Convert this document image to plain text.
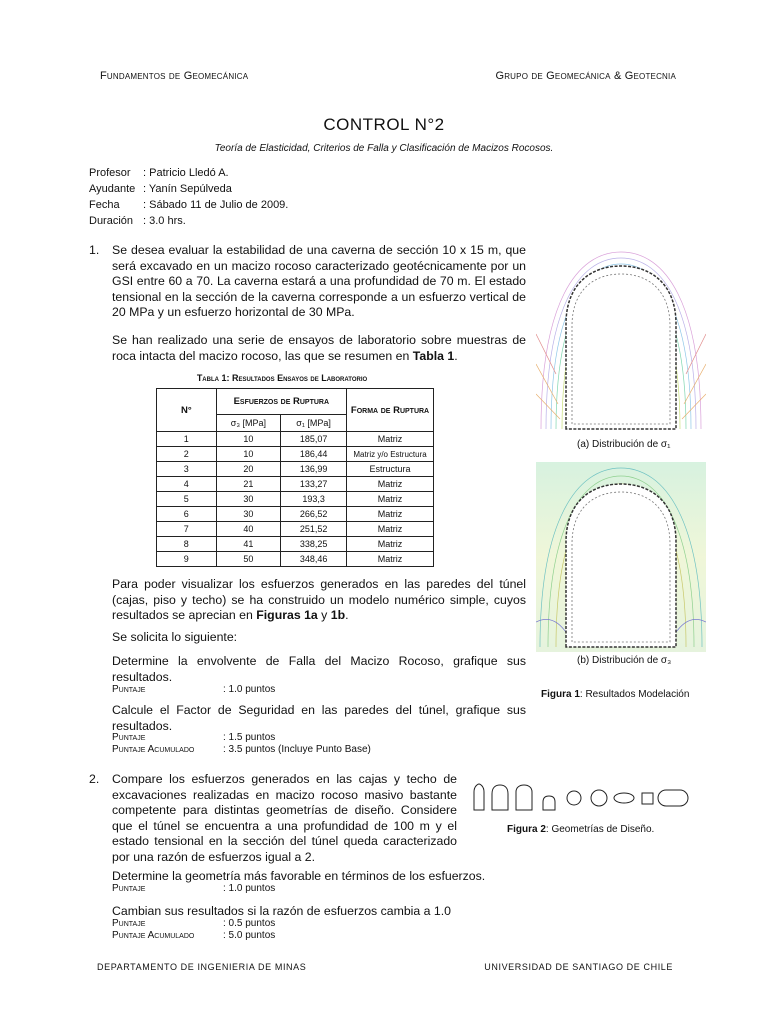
Fundamentos de Geomecánica	Grupo de Geomecánica & Geotecnia
CONTROL N°2
Teoría de Elasticidad, Criterios de Falla y Clasificación de Macizos Rocosos.
Profesor : Patricio Lledó A.
Ayudante : Yanín Sepúlveda
Fecha : Sábado 11 de Julio de 2009.
Duración : 3.0 hrs.
1. Se desea evaluar la estabilidad de una caverna de sección 10 x 15 m, que será excavado en un macizo rocoso caracterizado geotécnicamente por un GSI entre 60 a 70. La caverna estará a una profundidad de 70 m. El estado tensional en la sección de la caverna corresponde a un esfuerzo vertical de 20 MPa y un esfuerzo horizontal de 30 MPa.
Se han realizado una serie de ensayos de laboratorio sobre muestras de roca intacta del macizo rocoso, las que se resumen en Tabla 1.
Tabla 1: Resultados Ensayos de Laboratorio
N°	Esfuerzos de Ruptura		Forma de Ruptura
	σ₃ [MPa]	σ₁ [MPa]	
1	10	185,07	Matriz
2	10	186,44	Matriz y/o Estructura
3	20	136,99	Estructura
4	21	133,27	Matriz
5	30	193,3	Matriz
6	30	266,52	Matriz
7	40	251,52	Matriz
8	41	338,25	Matriz
9	50	348,46	Matriz
Para poder visualizar los esfuerzos generados en las paredes del túnel (cajas, piso y techo) se ha construido un modelo numérico simple, cuyos resultados se aprecian en Figuras 1a y 1b.
Se solicita lo siguiente:
Determine la envolvente de Falla del Macizo Rocoso, grafique sus resultados.
Puntaje	: 1.0 puntos
Calcule el Factor de Seguridad en las paredes del túnel, grafique sus resultados.
Puntaje	: 1.5 puntos
Puntaje Acumulado	: 3.5 puntos (Incluye Punto Base)
(a) Distribución de σ₁
(b) Distribución de σ₃
Figura 1: Resultados Modelación
2. Compare los esfuerzos generados en las cajas y techo de excavaciones realizadas en macizo rocoso masivo bastante competente para distintas geometrías de diseño. Considere que el túnel se encuentra a una profundidad de 100 m y el estado tensional en la sección del túnel queda caracterizado por una razón de esfuerzos igual a 2.
Figura 2: Geometrías de Diseño.
Determine la geometría más favorable en términos de los esfuerzos.
Puntaje	: 1.0 puntos
Cambian sus resultados si la razón de esfuerzos cambia a 1.0
Puntaje	: 0.5 puntos
Puntaje Acumulado	: 5.0 puntos
DEPARTAMENTO DE INGENIERIA DE MINAS	UNIVERSIDAD DE SANTIAGO DE CHILE
